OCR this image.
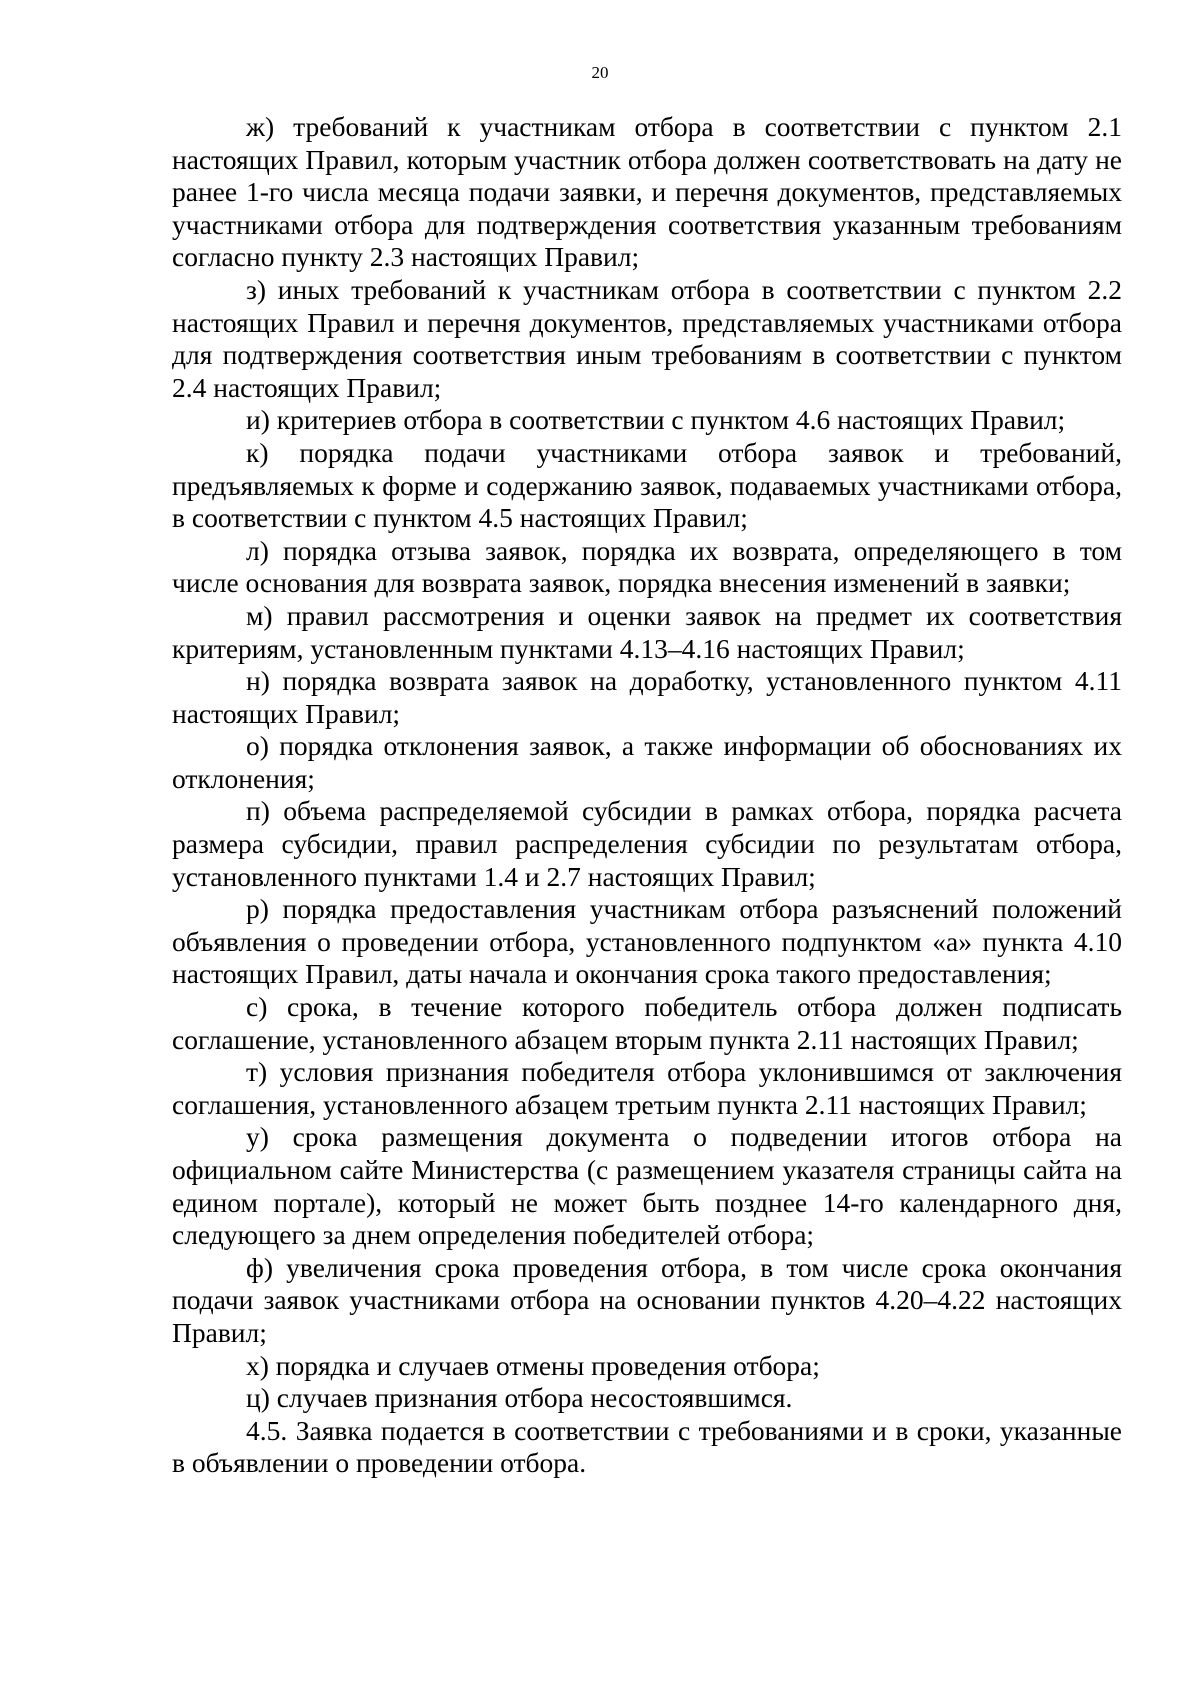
20

ж) требований к участникам отбора в соответствии с пунктом 2.1 настоящих Правил, которым участник отбора должен соответствовать на дату не ранее 1-го числа месяца подачи заявки, и перечня документов, представляемых участниками отбора для подтверждения соответствия указанным требованиям согласно пункту 2.3 настоящих Правил;

з) иных требований к участникам отбора в соответствии с пунктом 2.2 настоящих Правил и перечня документов, представляемых участниками отбора для подтверждения соответствия иным требованиям в соответствии с пунктом 2.4 настоящих Правил;

и) критериев отбора в соответствии с пунктом 4.6 настоящих Правил;

к) порядка подачи участниками отбора заявок и требований, предъявляемых к форме и содержанию заявок, подаваемых участниками отбора, в соответствии с пунктом 4.5 настоящих Правил;

л) порядка отзыва заявок, порядка их возврата, определяющего в том числе основания для возврата заявок, порядка внесения изменений в заявки;

м) правил рассмотрения и оценки заявок на предмет их соответствия критериям, установленным пунктами 4.13–4.16 настоящих Правил;

н) порядка возврата заявок на доработку, установленного пунктом 4.11 настоящих Правил;

о) порядка отклонения заявок, а также информации об обоснованиях их отклонения;

п) объема распределяемой субсидии в рамках отбора, порядка расчета размера субсидии, правил распределения субсидии по результатам отбора, установленного пунктами 1.4 и 2.7 настоящих Правил;

р) порядка предоставления участникам отбора разъяснений положений объявления о проведении отбора, установленного подпунктом «а» пункта 4.10 настоящих Правил, даты начала и окончания срока такого предоставления;

с) срока, в течение которого победитель отбора должен подписать соглашение, установленного абзацем вторым пункта 2.11 настоящих Правил;

т) условия признания победителя отбора уклонившимся от заключения соглашения, установленного абзацем третьим пункта 2.11 настоящих Правил;

у) срока размещения документа о подведении итогов отбора на официальном сайте Министерства (с размещением указателя страницы сайта на едином портале), который не может быть позднее 14-го календарного дня, следующего за днем определения победителей отбора;

ф) увеличения срока проведения отбора, в том числе срока окончания подачи заявок участниками отбора на основании пунктов 4.20–4.22 настоящих Правил;

х) порядка и случаев отмены проведения отбора;

ц) случаев признания отбора несостоявшимся.

4.5. Заявка подается в соответствии с требованиями и в сроки, указанные в объявлении о проведении отбора.
